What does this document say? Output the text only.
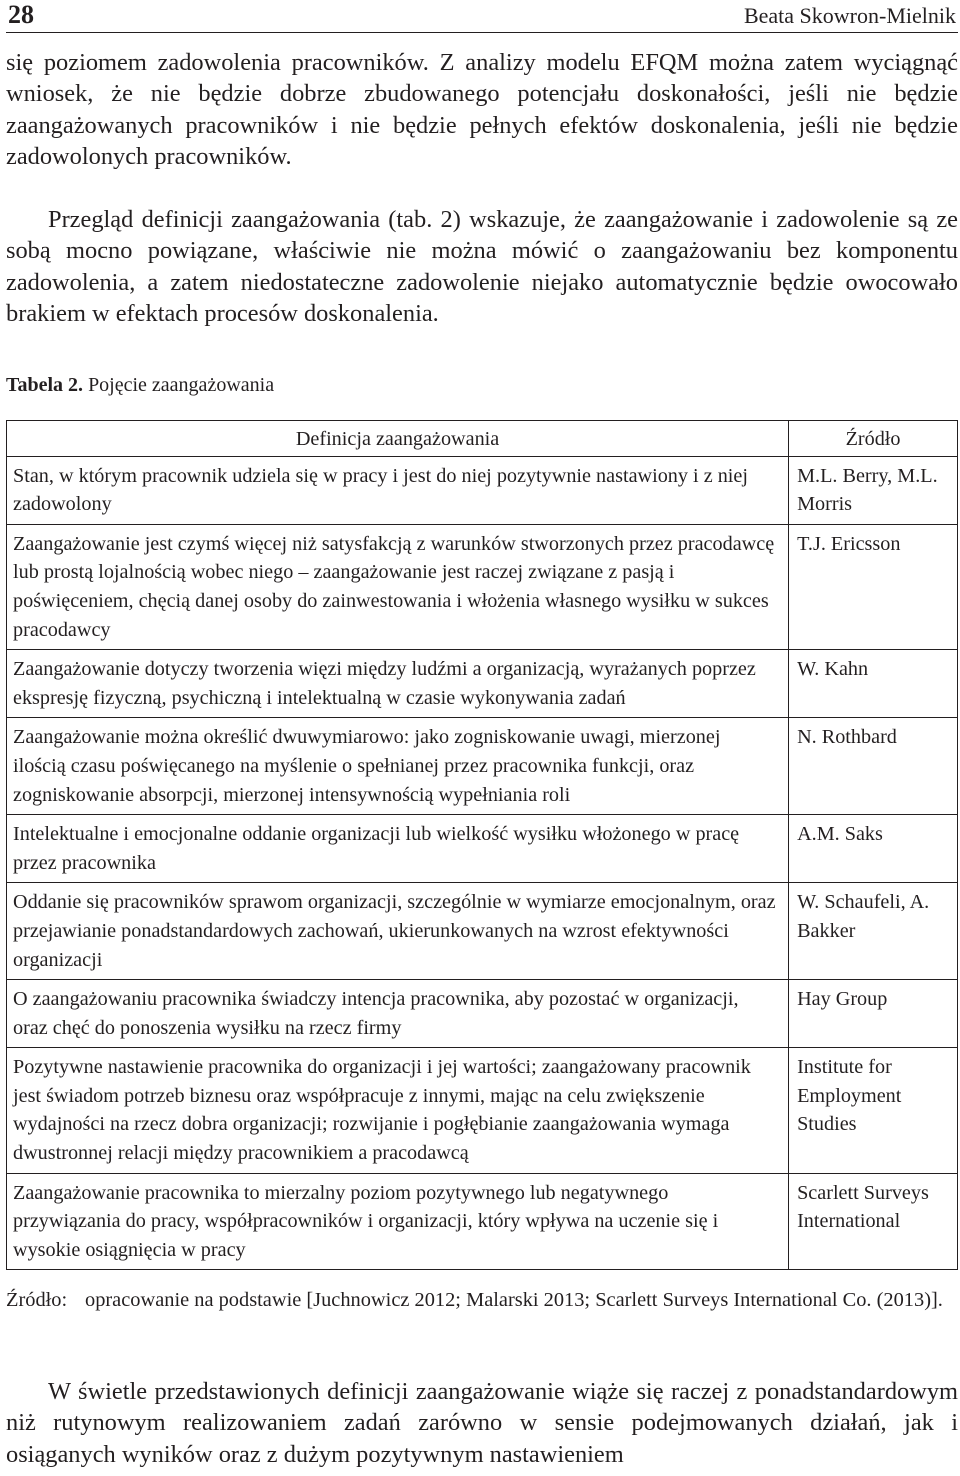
28	Beata Skowron-Mielnik

się poziomem zadowolenia pracowników. Z analizy modelu EFQM można zatem wyciągnąć wniosek, że nie będzie dobrze zbudowanego potencjału doskonałości, jeśli nie będzie zaangażowanych pracowników i nie będzie pełnych efektów doskonalenia, jeśli nie będzie zadowolonych pracowników.

Przegląd definicji zaangażowania (tab. 2) wskazuje, że zaangażowanie i zadowolenie są ze sobą mocno powiązane, właściwie nie można mówić o zaangażowaniu bez komponentu zadowolenia, a zatem niedostateczne zadowolenie niejako automatycznie będzie owocowało brakiem w efektach procesów doskonalenia.

Tabela 2. Pojęcie zaangażowania
Definicja zaangażowania	Źródło
Stan, w którym pracownik udziela się w pracy i jest do niej pozytywnie nastawiony i z niej zadowolony	M.L. Berry, M.L. Morris
Zaangażowanie jest czymś więcej niż satysfakcją z warunków stworzonych przez pracodawcę lub prostą lojalnością wobec niego – zaangażowanie jest raczej związane z pasją i poświęceniem, chęcią danej osoby do zainwestowania i włożenia własnego wysiłku w sukces pracodawcy	T.J. Ericsson
Zaangażowanie dotyczy tworzenia więzi między ludźmi a organizacją, wyrażanych poprzez ekspresję fizyczną, psychiczną i intelektualną w czasie wykonywania zadań	W. Kahn
Zaangażowanie można określić dwuwymiarowo: jako zogniskowanie uwagi, mierzonej ilością czasu poświęcanego na myślenie o spełnianej przez pracownika funkcji, oraz zogniskowanie absorpcji, mierzonej intensywnością wypełniania roli	N. Rothbard
Intelektualne i emocjonalne oddanie organizacji lub wielkość wysiłku włożonego w pracę przez pracownika	A.M. Saks
Oddanie się pracowników sprawom organizacji, szczególnie w wymiarze emocjonalnym, oraz przejawianie ponadstandardowych zachowań, ukierunkowanych na wzrost efektywności organizacji	W. Schaufeli, A. Bakker
O zaangażowaniu pracownika świadczy intencja pracownika, aby pozostać w organizacji, oraz chęć do ponoszenia wysiłku na rzecz firmy	Hay Group
Pozytywne nastawienie pracownika do organizacji i jej wartości; zaangażowany pracownik jest świadom potrzeb biznesu oraz współpracuje z innymi, mając na celu zwiększenie wydajności na rzecz dobra organizacji; rozwijanie i pogłębianie zaangażowania wymaga dwustronnej relacji między pracownikiem a pracodawcą	Institute for Employment Studies
Zaangażowanie pracownika to mierzalny poziom pozytywnego lub negatywnego przywiązania do pracy, współpracowników i organizacji, który wpływa na uczenie się i wysokie osiągnięcia w pracy	Scarlett Surveys International
Źródło: opracowanie na podstawie [Juchnowicz 2012; Malarski 2013; Scarlett Surveys International Co. (2013)].

W świetle przedstawionych definicji zaangażowanie wiąże się raczej z ponadstandardowym niż rutynowym realizowaniem zadań zarówno w sensie podejmowanych działań, jak i osiąganych wyników oraz z dużym pozytywnym nastawieniem
